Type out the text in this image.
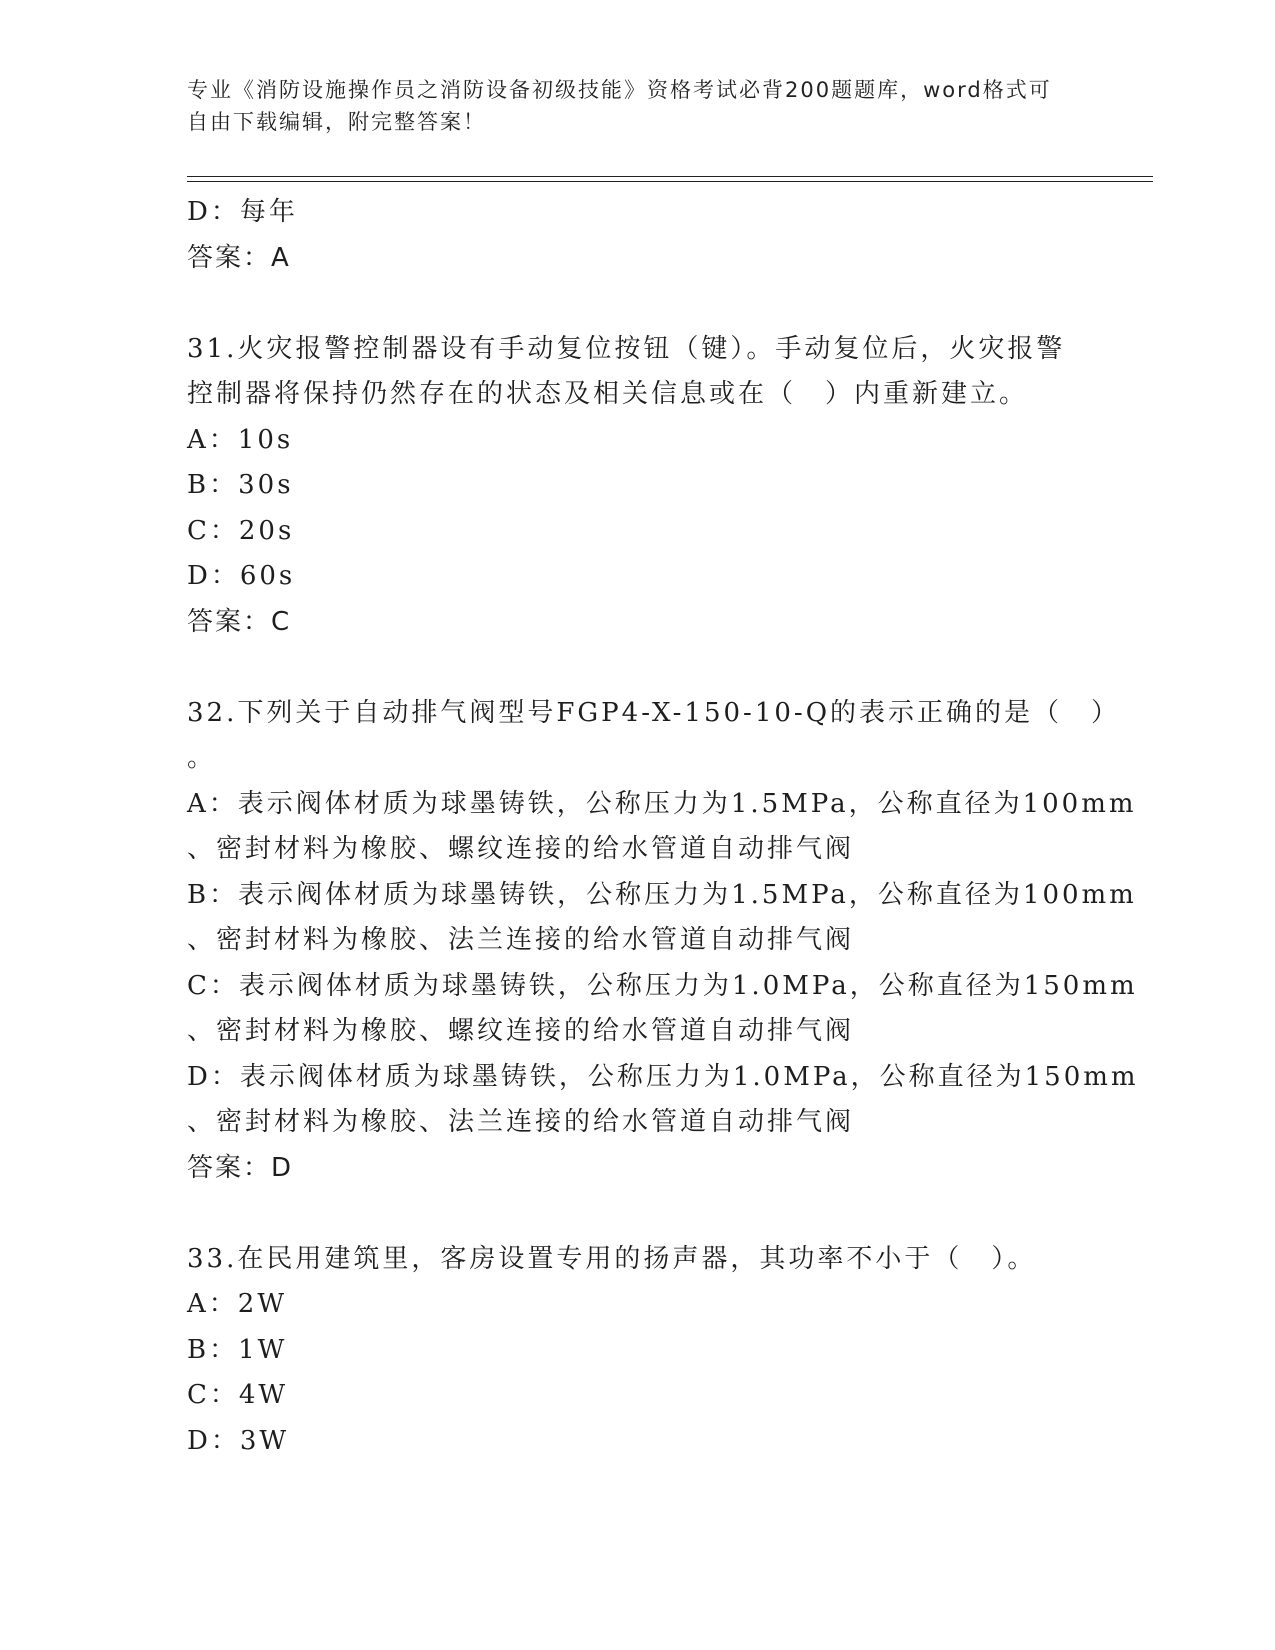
专业《消防设施操作员之消防设备初级技能》资格考试必背200题题库，word格式可自由下载编辑，附完整答案！
D：每年
答案：A
31.火灾报警控制器设有手动复位按钮（键）。手动复位后，火灾报警
控制器将保持仍然存在的状态及相关信息或在（　）内重新建立。
A：10s
B：30s
C：20s
D：60s
答案：C
32.下列关于自动排气阀型号FGP4-X-150-10-Q的表示正确的是（　）
。
A：表示阀体材质为球墨铸铁，公称压力为1.5MPa，公称直径为100mm
、密封材料为橡胶、螺纹连接的给水管道自动排气阀
B：表示阀体材质为球墨铸铁，公称压力为1.5MPa，公称直径为100mm
、密封材料为橡胶、法兰连接的给水管道自动排气阀
C：表示阀体材质为球墨铸铁，公称压力为1.0MPa，公称直径为150mm
、密封材料为橡胶、螺纹连接的给水管道自动排气阀
D：表示阀体材质为球墨铸铁，公称压力为1.0MPa，公称直径为150mm
、密封材料为橡胶、法兰连接的给水管道自动排气阀
答案：D
33.在民用建筑里，客房设置专用的扬声器，其功率不小于（　）。
A：2W
B：1W
C：4W
D：3W
